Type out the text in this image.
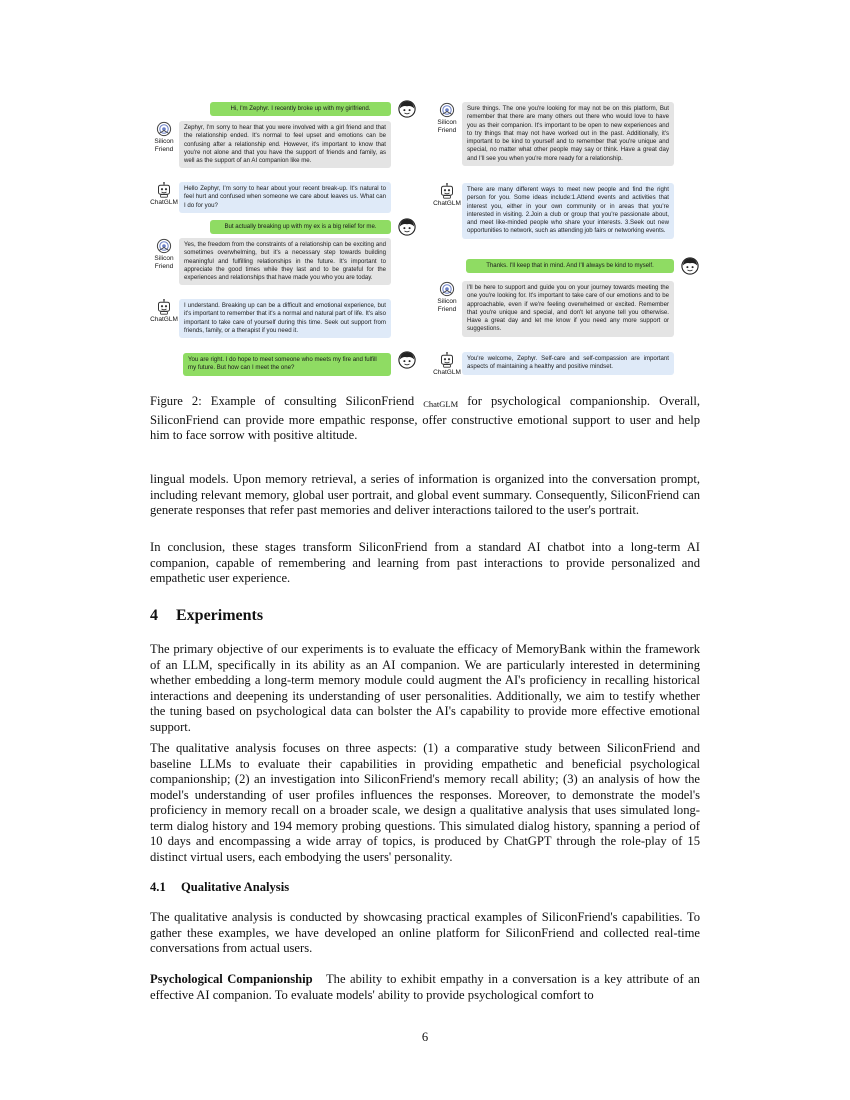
Hi, I'm Zephyr. I recently broke up with my girlfriend.
Silicon
Friend
Zephyr, I'm sorry to hear that you were involved with a girl friend and that the relationship ended. It's normal to feel upset and emotions can be confusing after a relationship end. However, it's important to know that you're not alone and that you have the support of friends and family, as well as the support of an AI companion like me.
ChatGLM
Hello Zephyr, I'm sorry to hear about your recent break-up. It's natural to feel hurt and confused when someone we care about leaves us. What can I do for you?
But actually breaking up with my ex is a big relief for me.
Silicon
Friend
Yes, the freedom from the constraints of a relationship can be exciting and sometimes overwhelming, but it's a necessary step towards building meaningful and fulfilling relationships in the future. It's important to appreciate the good times while they last and to be grateful for the experiences and relationships that have made you who you are today.
ChatGLM
I understand. Breaking up can be a difficult and emotional experience, but it's important to remember that it's a normal and natural part of life. It's also important to take care of yourself during this time. Seek out support from friends, family, or a therapist if you need it.
You are right. I do hope to meet someone who meets my fire and fulfill my future. But how can I meet the one?
Silicon
Friend
Sure things. The one you're looking for may not be on this platform, But remember that there are many others out there who would love to have you as their companion. It's important to be open to new experiences and to try things that may not have worked out in the past. Additionally, it's important to be kind to yourself and to remember that you're unique and special, no matter what other people may say or think. Have a great day and I'll see you when you're more ready for a relationship.
ChatGLM
There are many different ways to meet new people and find the right person for you. Some ideas include:1.Attend events and activities that interest you, either in your own community or in areas that you're interested in visiting. 2.Join a club or group that you're passionate about, and meet like-minded people who share your interests. 3.Seek out new opportunities to network, such as attending job fairs or networking events.
Thanks. I'll keep that in mind. And I'll always be kind to myself.
Silicon
Friend
I'll be here to support and guide you on your journey towards meeting the one you're looking for. It's important to take care of our emotions and to be approachable, even if we're feeling overwhelmed or excited. Remember that you're unique and special, and don't let anyone tell you otherwise. Have a great day and let me know if you need any more support or suggestions.
ChatGLM
You're welcome, Zephyr. Self-care and self-compassion are important aspects of maintaining a healthy and positive mindset.
Figure 2: Example of consulting SiliconFriend $_{ChatGLM}$ for psychological companionship. Overall, SiliconFriend can provide more empathic response, offer constructive emotional support to user and help him to face sorrow with positive altitude.

lingual models. Upon memory retrieval, a series of information is organized into the conversation prompt, including relevant memory, global user portrait, and global event summary. Consequently, SiliconFriend can generate responses that refer past memories and deliver interactions tailored to the user's portrait.

In conclusion, these stages transform SiliconFriend from a standard AI chatbot into a long-term AI companion, capable of remembering and learning from past interactions to provide personalized and empathetic user experience.

4 Experiments

The primary objective of our experiments is to evaluate the efficacy of MemoryBank within the framework of an LLM, specifically in its ability as an AI companion. We are particularly interested in determining whether embedding a long-term memory module could augment the AI's proficiency in recalling historical interactions and deepening its understanding of user personalities. Additionally, we aim to testify whether the tuning based on psychological data can bolster the AI's capability to provide more effective emotional support.

The qualitative analysis focuses on three aspects: (1) a comparative study between SiliconFriend and baseline LLMs to evaluate their capabilities in providing empathetic and beneficial psychological companionship; (2) an investigation into SiliconFriend's memory recall ability; (3) an analysis of how the model's understanding of user profiles influences the responses. Moreover, to demonstrate the model's proficiency in memory recall on a broader scale, we design a qualitative analysis that uses simulated long-term dialog history and 194 memory probing questions. This simulated dialog history, spanning a period of 10 days and encompassing a wide array of topics, is produced by ChatGPT through the role-play of 15 distinct virtual users, each embodying the users' personality.

4.1 Qualitative Analysis

The qualitative analysis is conducted by showcasing practical examples of SiliconFriend's capabilities. To gather these examples, we have developed an online platform for SiliconFriend and collected real-time conversations from actual users.

Psychological Companionship The ability to exhibit empathy in a conversation is a key attribute of an effective AI companion. To evaluate models' ability to provide psychological comfort to

6
